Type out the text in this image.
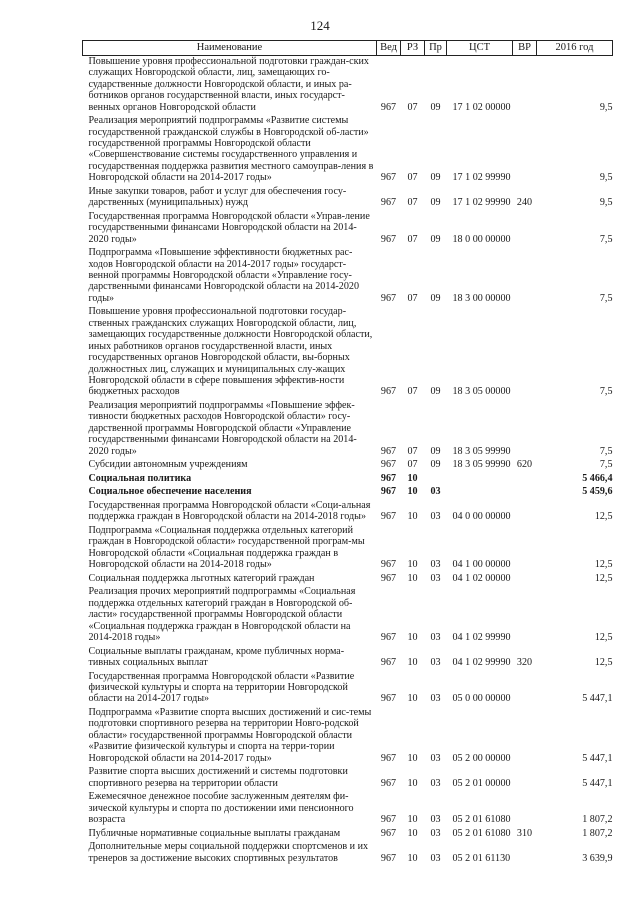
124
Наименование	Вед	РЗ	Пр	ЦСТ	ВР	2016 год
Повышение уровня профессиональной подготовки граждан-ских служащих Новгородской области, лиц, замещающих го-сударственные должности Новгородской области, и иных ра-ботников органов государственной власти, иных государст-венных органов Новгородской области	967	07	09	17 1 02 00000		9,5
Реализация мероприятий подпрограммы «Развитие системы государственной гражданской службы в Новгородской об-ласти» государственной программы Новгородской области «Совершенствование системы государственного управления и государственная поддержка развития местного самоуправ-ления в Новгородской области на 2014-2017 годы»	967	07	09	17 1 02 99990		9,5
Иные закупки товаров, работ и услуг для обеспечения госу-дарственных (муниципальных) нужд	967	07	09	17 1 02 99990	240	9,5
Государственная программа Новгородской области «Управ-ление государственными финансами Новгородской области на 2014-2020 годы»	967	07	09	18 0 00 00000		7,5
Подпрограмма «Повышение эффективности бюджетных рас-ходов Новгородской области на 2014-2017 годы» государст-венной программы Новгородской области «Управление госу-дарственными финансами Новгородской области на 2014-2020 годы»	967	07	09	18 3 00 00000		7,5
Повышение уровня профессиональной подготовки государ-ственных гражданских служащих Новгородской области, лиц, замещающих государственные должности Новгородской области, иных работников органов государственной власти, иных государственных органов Новгородской области, вы-борных должностных лиц, служащих и муниципальных слу-жащих Новгородской области в сфере повышения эффектив-ности бюджетных расходов	967	07	09	18 3 05 00000		7,5
Реализация мероприятий подпрограммы «Повышение эффек-тивности бюджетных расходов Новгородской области» госу-дарственной программы Новгородской области «Управление государственными финансами Новгородской области на 2014-2020 годы»	967	07	09	18 3 05 99990		7,5
Субсидии автономным учреждениям	967	07	09	18 3 05 99990	620	7,5
Социальная политика	967	10				5 466,4
Социальное обеспечение населения	967	10	03			5 459,6
Государственная программа Новгородской области «Соци-альная поддержка граждан в Новгородской области на 2014-2018 годы»	967	10	03	04 0 00 00000		12,5
Подпрограмма «Социальная поддержка отдельных категорий граждан в Новгородской области» государственной програм-мы Новгородской области «Социальная поддержка граждан в Новгородской области на 2014-2018 годы»	967	10	03	04 1 00 00000		12,5
Социальная поддержка льготных категорий граждан	967	10	03	04 1 02 00000		12,5
Реализация прочих мероприятий подпрограммы «Социальная поддержка отдельных категорий граждан в Новгородской об-ласти» государственной программы Новгородской области «Социальная поддержка граждан в Новгородской области на 2014-2018 годы»	967	10	03	04 1 02 99990		12,5
Социальные выплаты гражданам, кроме публичных норма-тивных социальных выплат	967	10	03	04 1 02 99990	320	12,5
Государственная программа Новгородской области «Развитие физической культуры и спорта на территории Новгородской области на 2014-2017 годы»	967	10	03	05 0 00 00000		5 447,1
Подпрограмма «Развитие спорта высших достижений и сис-темы подготовки спортивного резерва на территории Новго-родской области» государственной программы Новгородской области «Развитие физической культуры и спорта на терри-тории Новгородской области на 2014-2017 годы»	967	10	03	05 2 00 00000		5 447,1
Развитие спорта высших достижений и системы подготовки спортивного резерва на территории области	967	10	03	05 2 01 00000		5 447,1
Ежемесячное денежное пособие заслуженным деятелям фи-зической культуры и спорта по достижении ими пенсионного возраста	967	10	03	05 2 01 61080		1 807,2
Публичные нормативные социальные выплаты гражданам	967	10	03	05 2 01 61080	310	1 807,2
Дополнительные меры социальной поддержки спортсменов и их тренеров за достижение высоких спортивных результатов	967	10	03	05 2 01 61130		3 639,9
